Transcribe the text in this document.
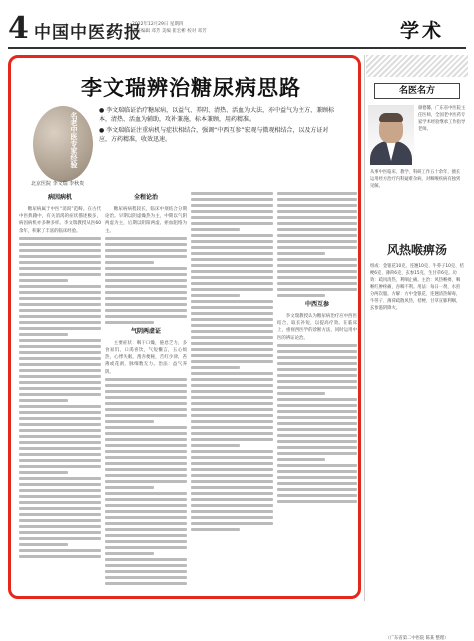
4 中国中医药报
2022年12月29日 星期四
责任编辑 邓芳 美编 崔宏彬 校对 邓芳	学术
李文瑞辨治糖尿病思路
名老中医专家经验

● 李文瑞临证治疗糖尿病，以益气、养阴、清热、活血为大法，亦中益气为主方，兼顾标本，清热、活血为辅助，攻补兼施，标本兼顾，用药精准。

● 李文瑞临证注重病机与症状相结合，强调“中西互参”宏观与微观相结合，以及方证对应，方药精准，收效迅速。

北京医院 李文瑞 李秋贵
病因病机

糖尿病属于中医“消渴”范畴。在古代中医典籍中，有关消渴的症状描述极多，病因病机亦多种多样。李文瑞教授从医60余年，积累了丰富的临床经验。

全程论治

糖尿病病程较长，临床中须结合分期论治。早期以阴虚燥热为主，中期以气阴两虚为主，后期以阴阳两虚、瘀血阻络为主。

气阴两虚证

主要症状：咽干口燥，倦怠乏力，多食易饥，口渴喜饮，气短懒言，五心烦热，心悸失眠，溲赤便秘，舌红少津，苔薄或花剥，脉细数无力。治法：益气养阴。

中西互参

李文瑞教授认为糖尿病治疗应中西医结合，取长补短，以提高疗效。在临床上，重视西医学的诊断方法，同时运用中医的辨证论治。

名医名方
颜德馨，广东省中医院主任医师，全国老中医药专家学术经验继承工作指导老师。
从事中医临床、教学、科研工作五十余年，擅长运用经方治疗内科疑难杂病，对咽喉疾病有独到见解。
风热喉痹汤
组成：金银花10克、连翘10克、牛蒡子10克、桔梗6克、薄荷6克、玄参15克、生甘草6克。功效：疏风清热，利咽止痛。主治：风热喉痹，咽喉红肿疼痛，吞咽不利。用法：每日一剂，水煎分两次服。方解：方中金银花、连翘清热解毒，牛蒡子、薄荷疏散风热，桔梗、甘草宣肺利咽，玄参滋阴降火。
（广东省第二中医院 陈某 整理）
